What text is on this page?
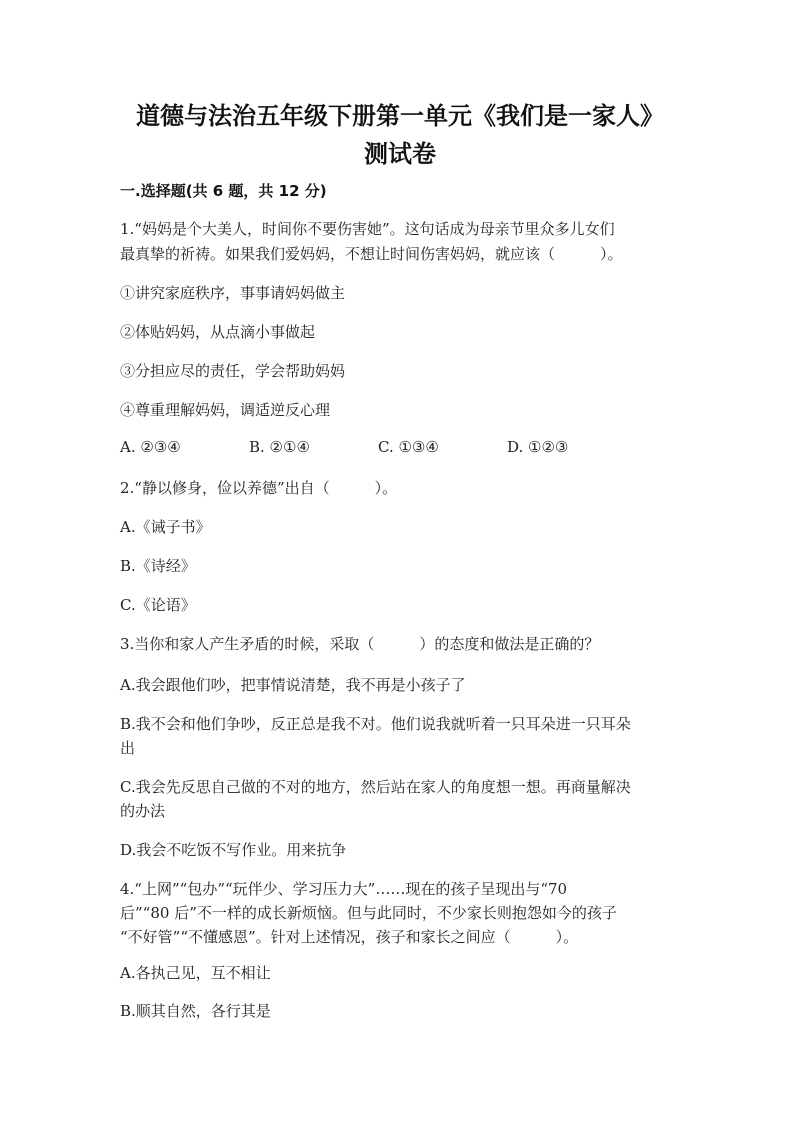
道德与法治五年级下册第一单元《我们是一家人》
测试卷
一.选择题(共 6 题，共 12 分)
1.“妈妈是个大美人，时间你不要伤害她”。这句话成为母亲节里众多儿女们
最真挚的祈祷。如果我们爱妈妈，不想让时间伤害妈妈，就应该（　　　）。
①讲究家庭秩序，事事请妈妈做主
②体贴妈妈，从点滴小事做起
③分担应尽的责任，学会帮助妈妈
④尊重理解妈妈，调适逆反心理
A. ②③④	B. ②①④	C. ①③④	D. ①②③
2.“静以修身，俭以养德”出自（　　　）。
A.《诫子书》
B.《诗经》
C.《论语》
3.当你和家人产生矛盾的时候，采取（　　　）的态度和做法是正确的？
A.我会跟他们吵，把事情说清楚，我不再是小孩子了
B.我不会和他们争吵，反正总是我不对。他们说我就听着一只耳朵进一只耳朵
出
C.我会先反思自己做的不对的地方，然后站在家人的角度想一想。再商量解决
的办法
D.我会不吃饭不写作业。用来抗争
4.“上网”“包办”“玩伴少、学习压力大”……现在的孩子呈现出与“70
后”“80 后”不一样的成长新烦恼。但与此同时，不少家长则抱怨如今的孩子
“不好管”“不懂感恩”。针对上述情况，孩子和家长之间应（　　　）。
A.各执己见，互不相让
B.顺其自然，各行其是
